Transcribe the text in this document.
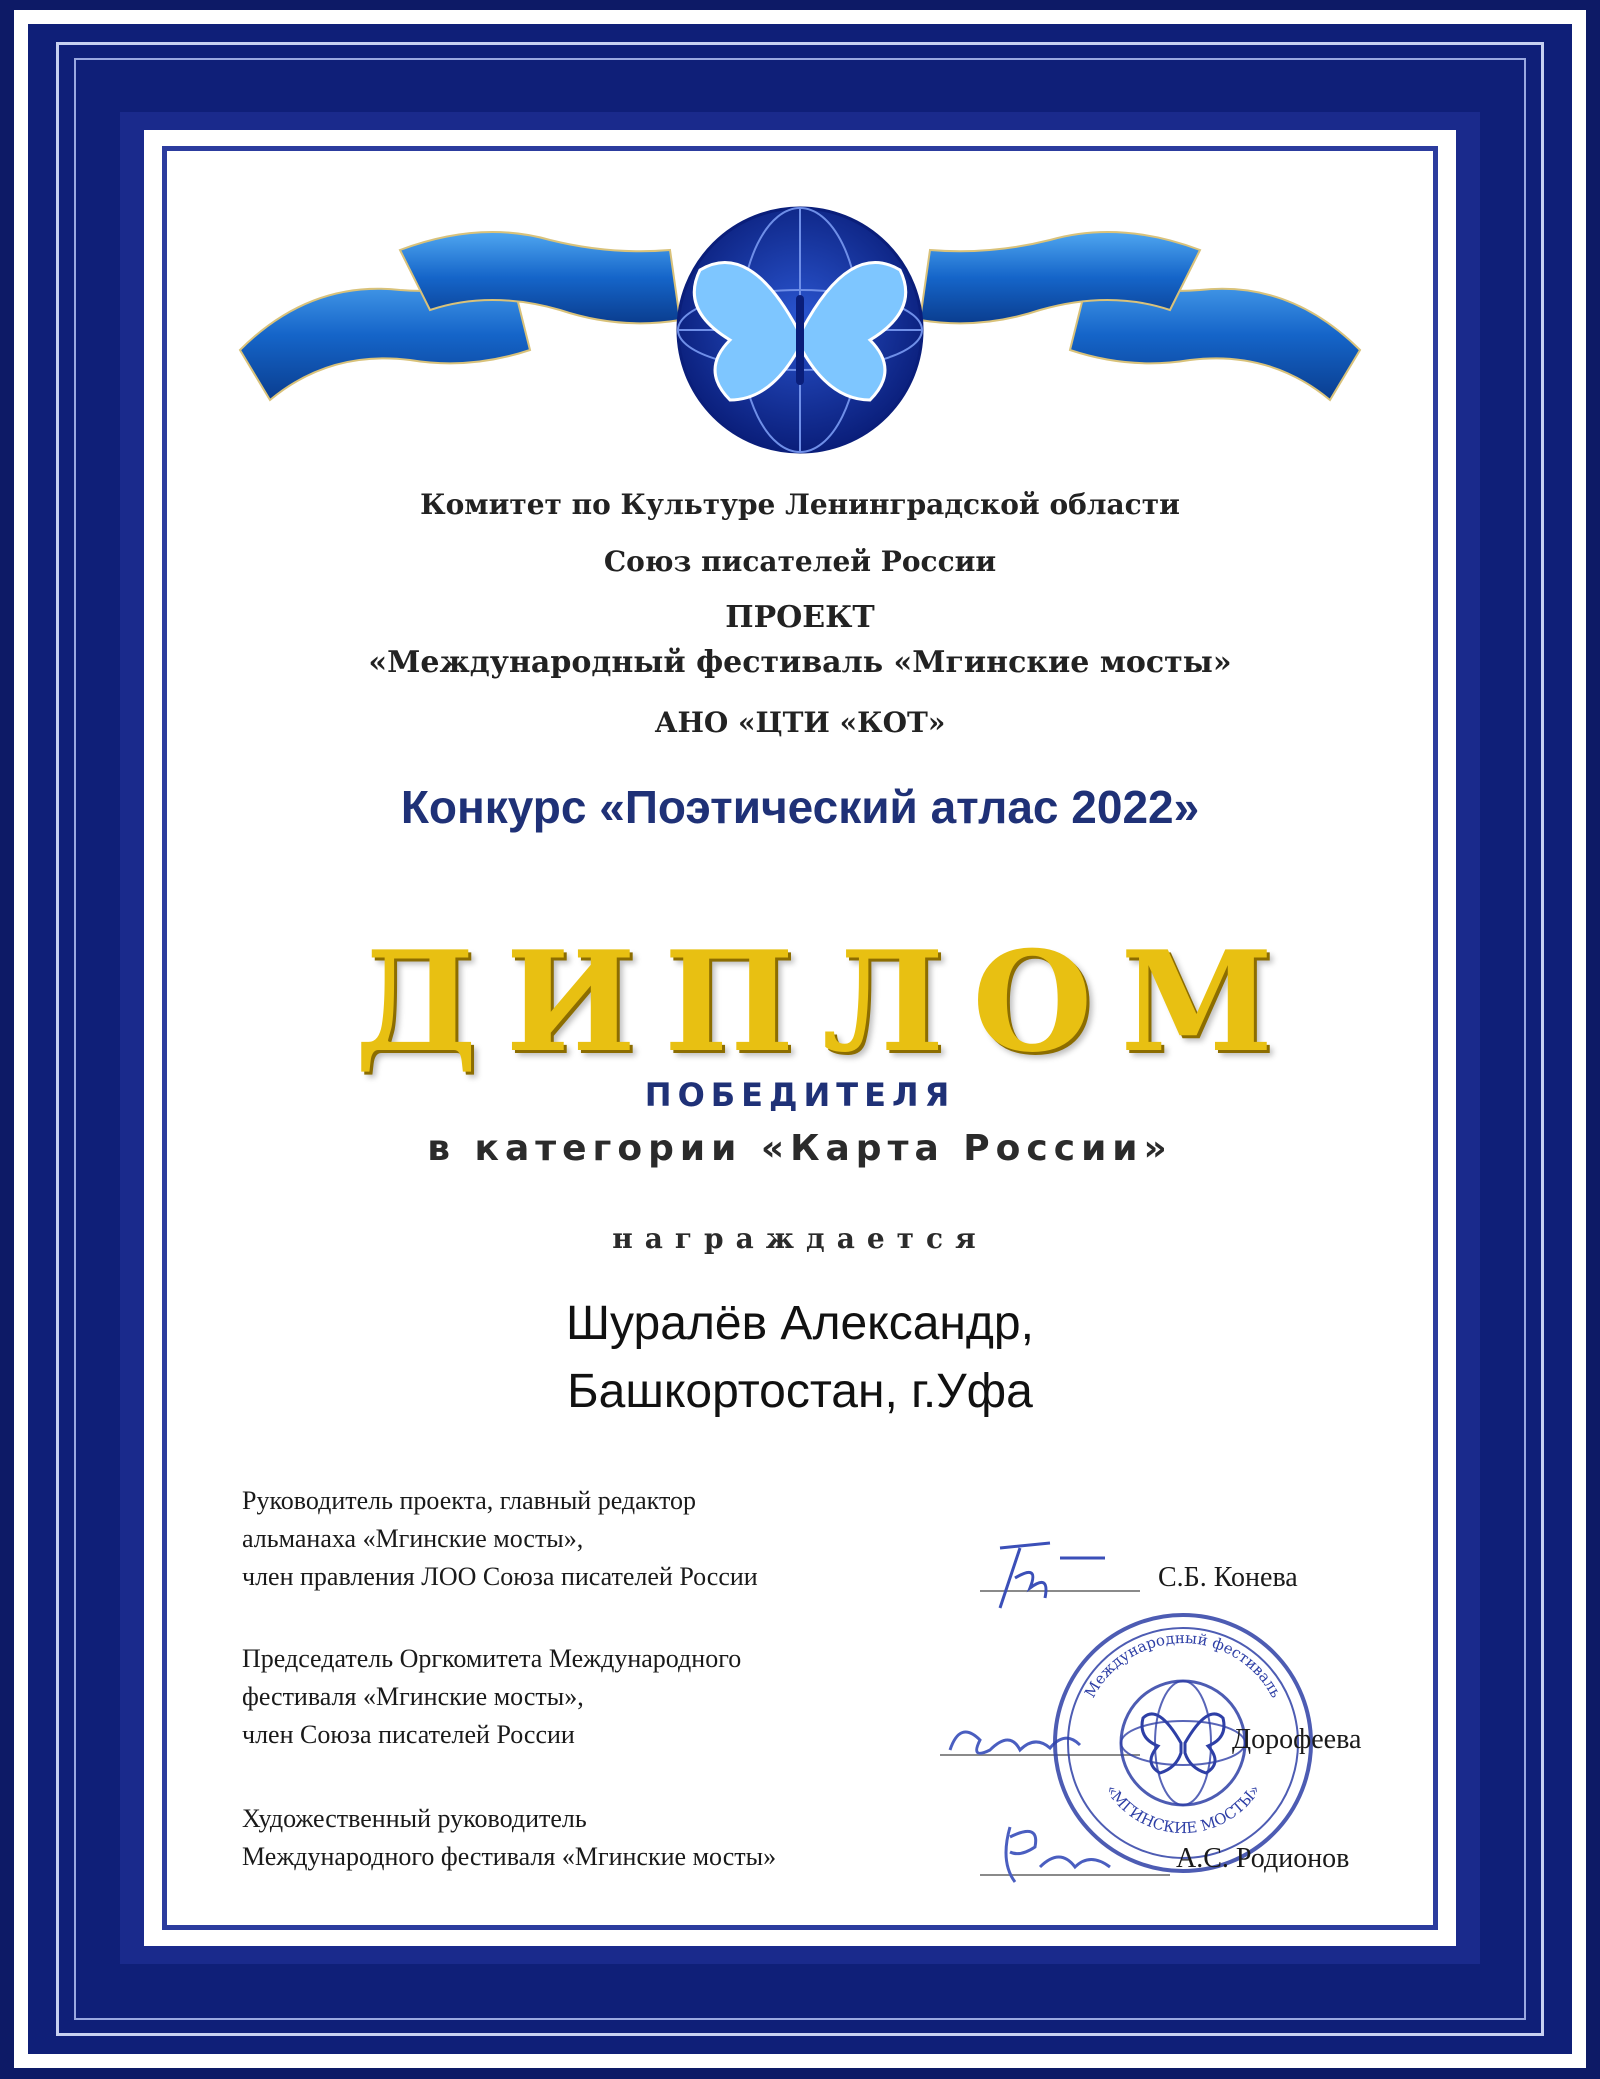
Комитет по Культуре Ленинградской области
Союз писателей России
ПРОЕКТ
«Международный фестиваль «Мгинские мосты»
АНО «ЦТИ «КОТ»
Конкурс «Поэтический атлас 2022»
ДИПЛОМ
ПОБЕДИТЕЛЯ
в категории «Карта России»
награждается
Шуралёв Александр,
Башкортостан, г.Уфа
Руководитель проекта, главный редактор
альманаха «Мгинские мосты»,
член правления ЛОО Союза писателей России	С.Б. Конева
Председатель Оргкомитета Международного
фестиваля «Мгинские мосты»,
член Союза писателей России
Международный фестиваль
«МГИНСКИЕ МОСТЫ»
Дорофеева
Художественный руководитель
Международного фестиваля «Мгинские мосты»	А.С. Родионов
